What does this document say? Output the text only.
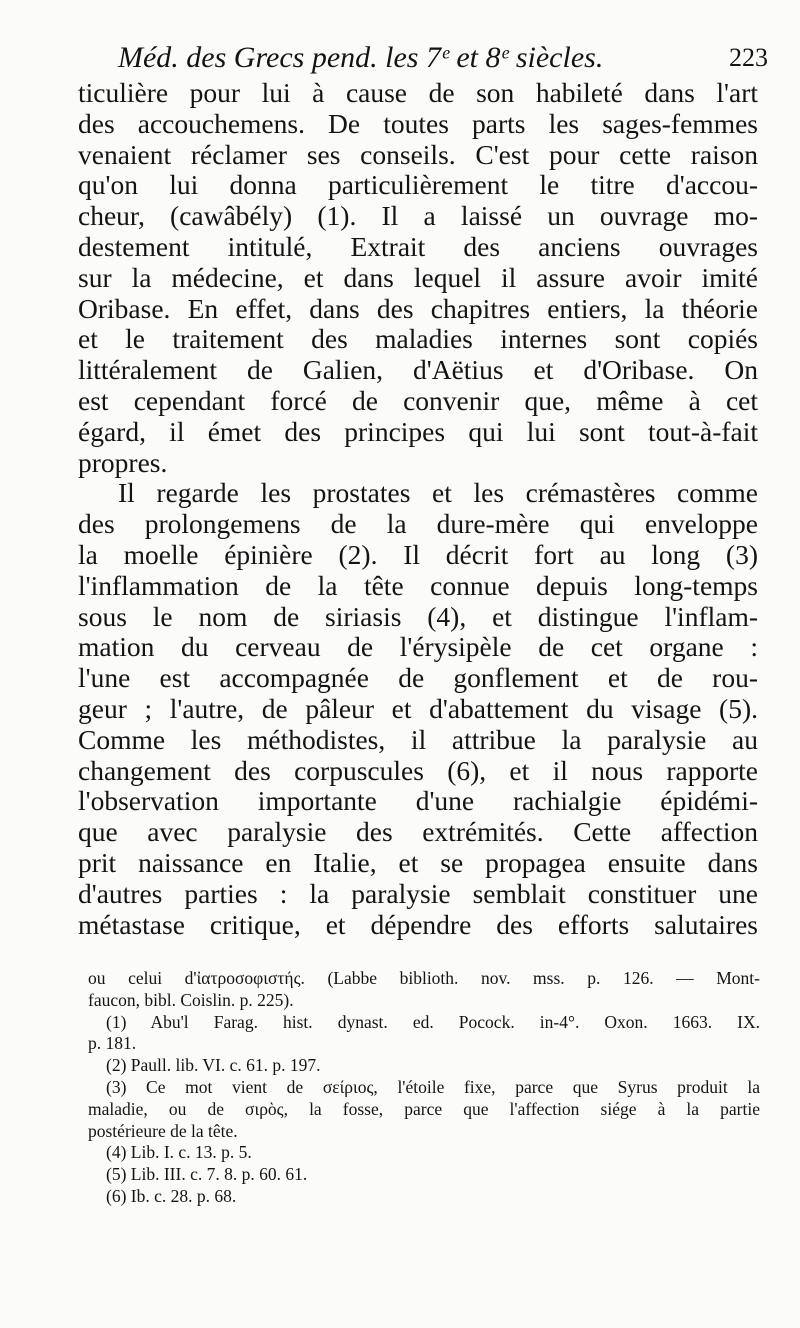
Méd. des Grecs pend. les 7ᵉ et 8ᵉ siècles.	223
ticulière pour lui à cause de son habileté dans l'art
des accouchemens. De toutes parts les sages-femmes
venaient réclamer ses conseils. C'est pour cette raison
qu'on lui donna particulièrement le titre d'accou-
cheur, (cawâbély) (1). Il a laissé un ouvrage mo-
destement intitulé, Extrait des anciens ouvrages
sur la médecine, et dans lequel il assure avoir imité
Oribase. En effet, dans des chapitres entiers, la théorie
et le traitement des maladies internes sont copiés
littéralement de Galien, d'Aëtius et d'Oribase. On
est cependant forcé de convenir que, même à cet
égard, il émet des principes qui lui sont tout-à-fait
propres.
Il regarde les prostates et les crémastères comme
des prolongemens de la dure-mère qui enveloppe
la moelle épinière (2). Il décrit fort au long (3)
l'inflammation de la tête connue depuis long-temps
sous le nom de siriasis (4), et distingue l'inflam-
mation du cerveau de l'érysipèle de cet organe :
l'une est accompagnée de gonflement et de rou-
geur ; l'autre, de pâleur et d'abattement du visage (5).
Comme les méthodistes, il attribue la paralysie au
changement des corpuscules (6), et il nous rapporte
l'observation importante d'une rachialgie épidémi-
que avec paralysie des extrémités. Cette affection
prit naissance en Italie, et se propagea ensuite dans
d'autres parties : la paralysie semblait constituer une
métastase critique, et dépendre des efforts salutaires
ou celui d'ἰατροσοφιστής. (Labbe biblioth. nov. mss. p. 126. — Mont-
faucon, bibl. Coislin. p. 225).
(1) Abu'l Farag. hist. dynast. ed. Pocock. in-4°. Oxon. 1663. IX.
p. 181.
(2) Paull. lib. VI. c. 61. p. 197.
(3) Ce mot vient de σείριος, l'étoile fixe, parce que Syrus produit la
maladie, ou de σιρὸς, la fosse, parce que l'affection siége à la partie
postérieure de la tête.
(4) Lib. I. c. 13. p. 5.
(5) Lib. III. c. 7. 8. p. 60. 61.
(6) Ib. c. 28. p. 68.
